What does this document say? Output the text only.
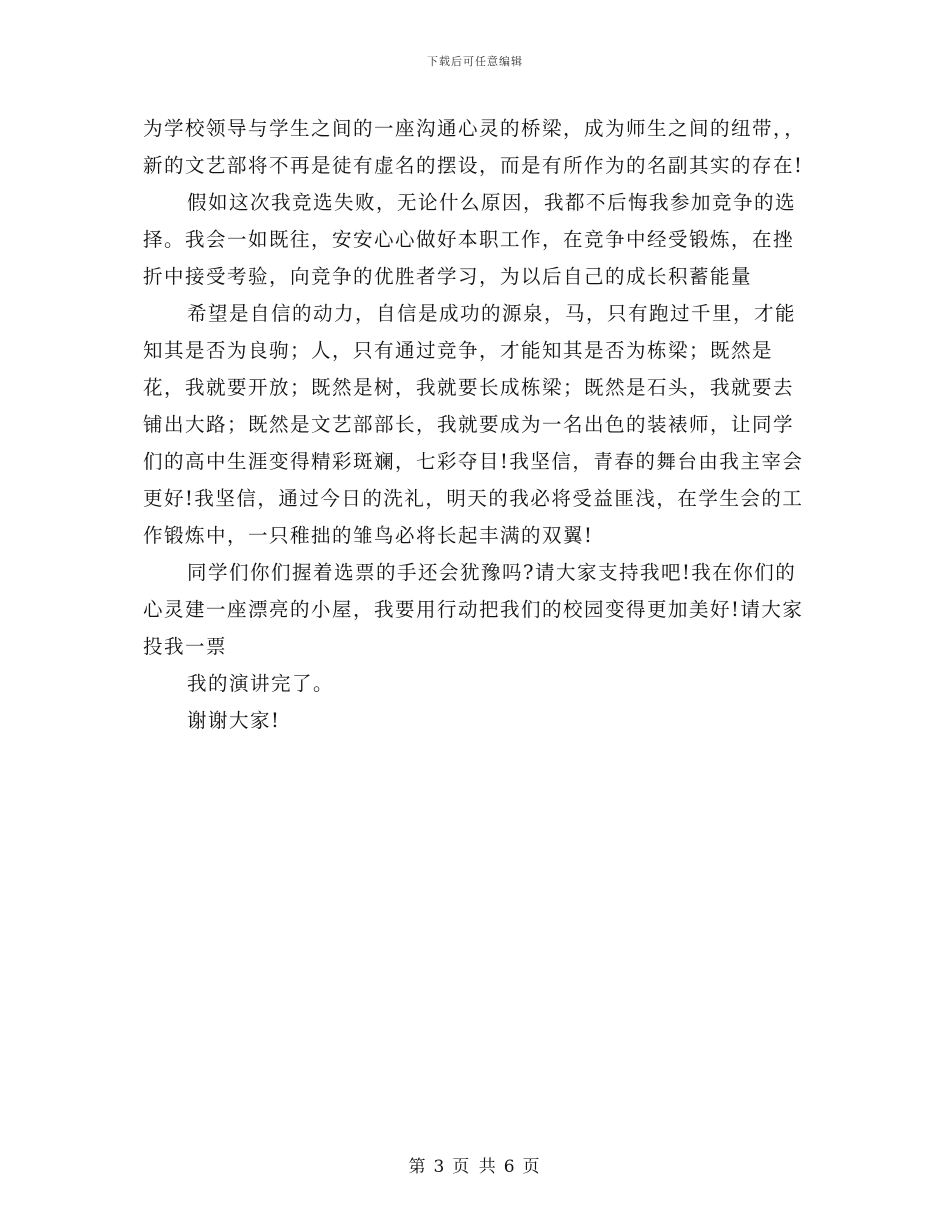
下载后可任意编辑

为学校领导与学生之间的一座沟通心灵的桥梁，成为师生之间的纽带，，新的文艺部将不再是徒有虚名的摆设，而是有所作为的名副其实的存在!

假如这次我竞选失败，无论什么原因，我都不后悔我参加竞争的选择。我会一如既往，安安心心做好本职工作，在竞争中经受锻炼，在挫折中接受考验，向竞争的优胜者学习，为以后自己的成长积蓄能量

希望是自信的动力，自信是成功的源泉，马，只有跑过千里，才能知其是否为良驹；人，只有通过竞争，才能知其是否为栋梁；既然是花，我就要开放；既然是树，我就要长成栋梁；既然是石头，我就要去铺出大路；既然是文艺部部长，我就要成为一名出色的装裱师，让同学们的高中生涯变得精彩斑斓，七彩夺目!我坚信，青春的舞台由我主宰会更好!我坚信，通过今日的洗礼，明天的我必将受益匪浅，在学生会的工作锻炼中，一只稚拙的雏鸟必将长起丰满的双翼!

同学们你们握着选票的手还会犹豫吗?请大家支持我吧!我在你们的心灵建一座漂亮的小屋，我要用行动把我们的校园变得更加美好!请大家投我一票

我的演讲完了。

谢谢大家!

第 3 页 共 6 页
